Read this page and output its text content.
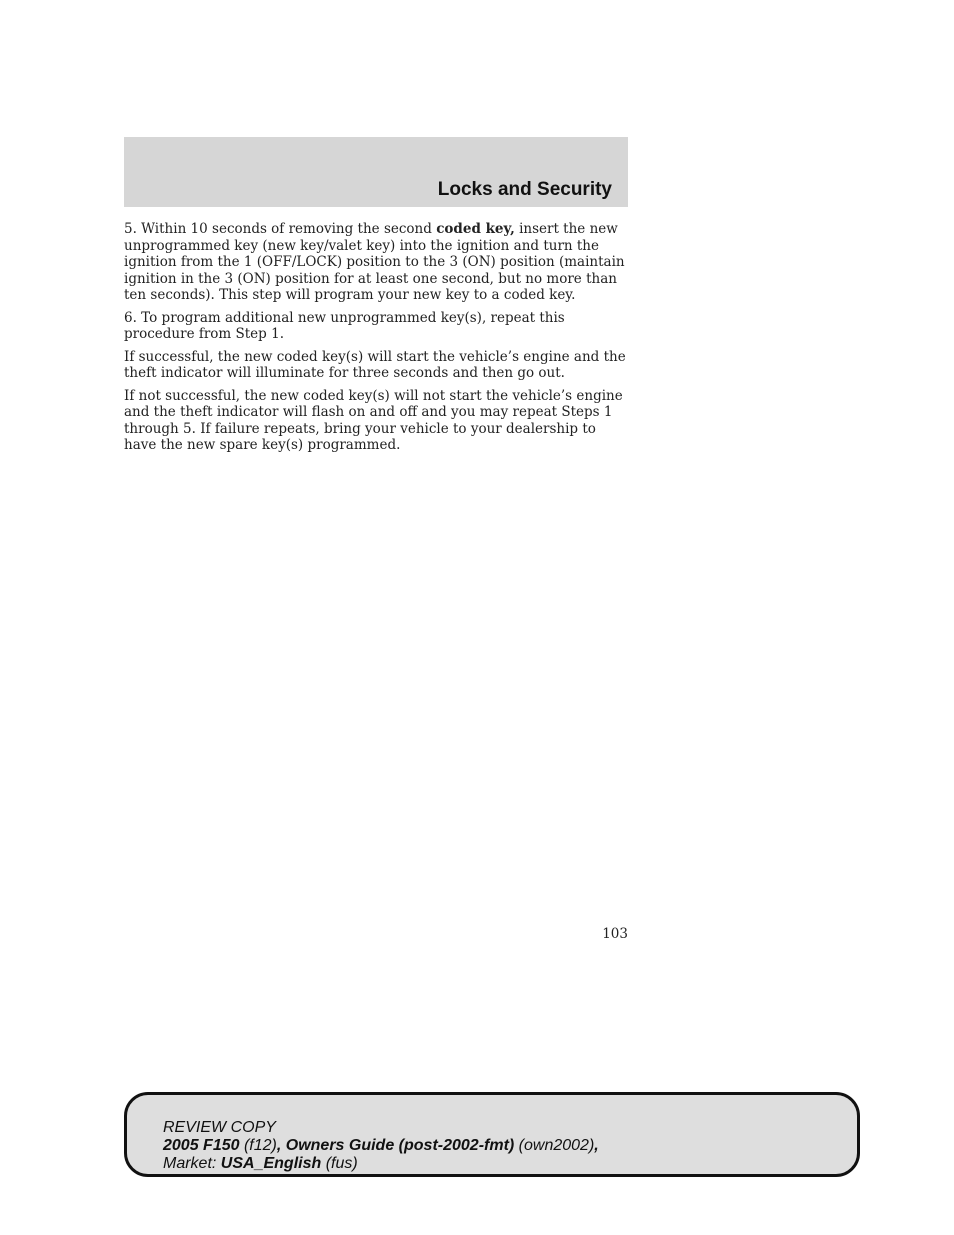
Locks and Security

5. Within 10 seconds of removing the second coded key, insert the new unprogrammed key (new key/valet key) into the ignition and turn the ignition from the 1 (OFF/LOCK) position to the 3 (ON) position (maintain ignition in the 3 (ON) position for at least one second, but no more than ten seconds). This step will program your new key to a coded key.

6. To program additional new unprogrammed key(s), repeat this procedure from Step 1.

If successful, the new coded key(s) will start the vehicle’s engine and the theft indicator will illuminate for three seconds and then go out.

If not successful, the new coded key(s) will not start the vehicle’s engine and the theft indicator will flash on and off and you may repeat Steps 1 through 5. If failure repeats, bring your vehicle to your dealership to have the new spare key(s) programmed.

103
REVIEW COPY
2005 F150 (f12), Owners Guide (post-2002-fmt) (own2002),
Market: USA_English (fus)
